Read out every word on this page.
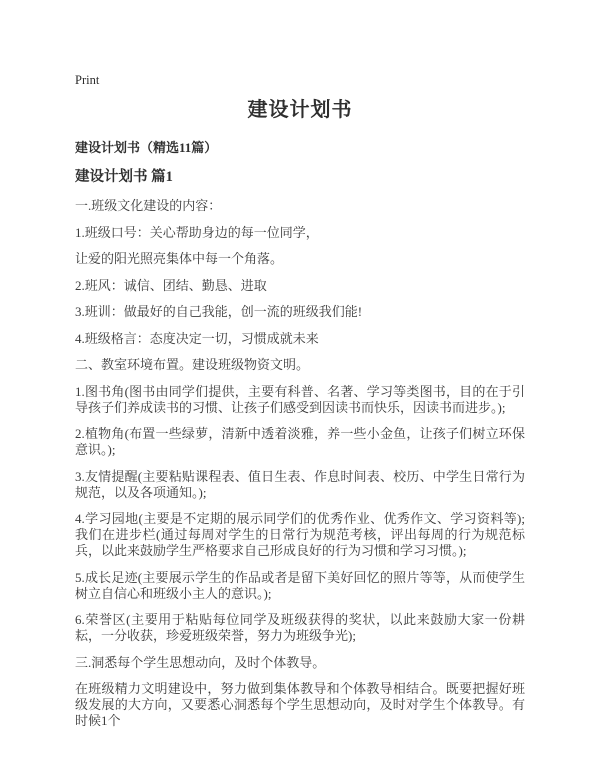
Print
建设计划书
建设计划书（精选11篇）
建设计划书 篇1

一.班级文化建设的内容：

1.班级口号：关心帮助身边的每一位同学，

让爱的阳光照亮集体中每一个角落。

2.班风：诚信、团结、勤恳、进取

3.班训：做最好的自己我能，创一流的班级我们能!

4.班级格言：态度决定一切，习惯成就未来

二、教室环境布置。建设班级物资文明。

1.图书角(图书由同学们提供，主要有科普、名著、学习等类图书，目的在于引导孩子们养成读书的习惯、让孩子们感受到因读书而快乐，因读书而进步。);

2.植物角(布置一些绿萝，清新中透着淡雅，养一些小金鱼，让孩子们树立环保意识。);

3.友情提醒(主要粘贴课程表、值日生表、作息时间表、校历、中学生日常行为规范，以及各项通知。);

4.学习园地(主要是不定期的展示同学们的优秀作业、优秀作文、学习资料等);我们在进步栏(通过每周对学生的日常行为规范考核，评出每周的行为规范标兵，以此来鼓励学生严格要求自己形成良好的行为习惯和学习习惯。);

5.成长足迹(主要展示学生的作品或者是留下美好回忆的照片等等，从而使学生树立自信心和班级小主人的意识。);

6.荣誉区(主要用于粘贴每位同学及班级获得的奖状，以此来鼓励大家一份耕耘，一分收获，珍爱班级荣誉，努力为班级争光);

三.洞悉每个学生思想动向，及时个体教导。

在班级精力文明建设中，努力做到集体教导和个体教导相结合。既要把握好班级发展的大方向，又要悉心洞悉每个学生思想动向，及时对学生个体教导。有时候1个
